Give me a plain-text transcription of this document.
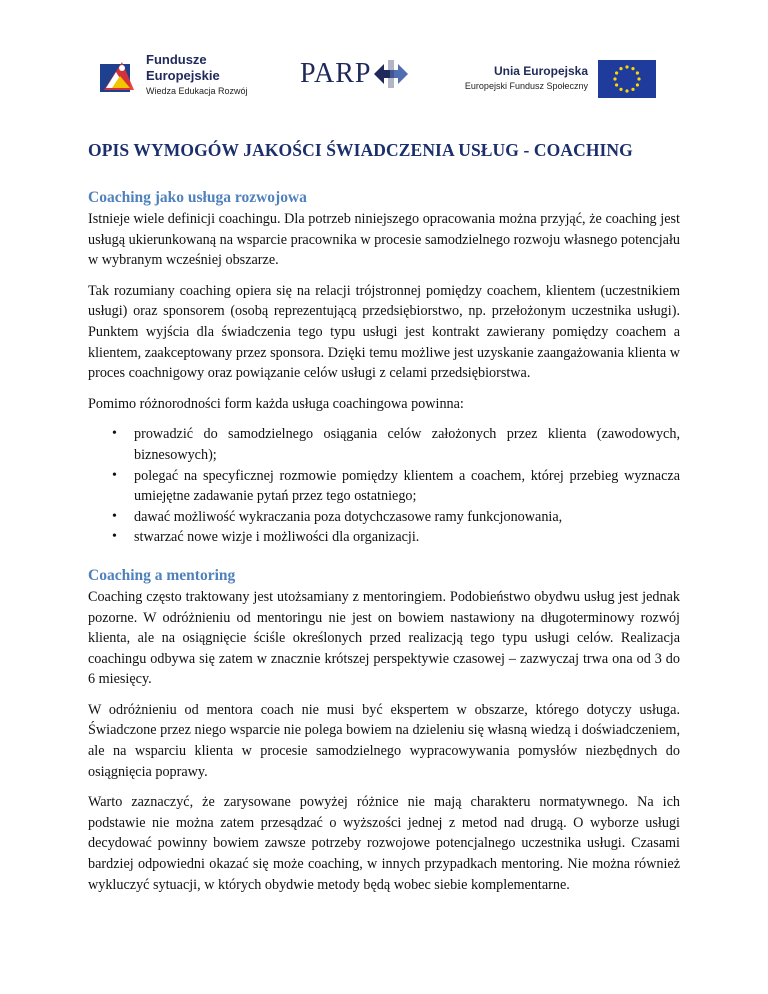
Fundusze
Europejskie
Wiedza Edukacja Rozwój
PARP	Unia Europejska
Europejski Fundusz Społeczny
OPIS WYMOGÓW JAKOŚCI ŚWIADCZENIA USŁUG - COACHING
Coaching jako usługa rozwojowa

Istnieje wiele definicji coachingu. Dla potrzeb niniejszego opracowania można przyjąć, że coaching jest usługą ukierunkowaną na wsparcie pracownika w procesie samodzielnego rozwoju własnego potencjału w wybranym wcześniej obszarze.

Tak rozumiany coaching opiera się na relacji trójstronnej pomiędzy coachem, klientem (uczestnikiem usługi) oraz sponsorem (osobą reprezentującą przedsiębiorstwo, np. przełożonym uczestnika usługi). Punktem wyjścia dla świadczenia tego typu usługi jest kontrakt zawierany pomiędzy coachem a klientem, zaakceptowany przez sponsora. Dzięki temu możliwe jest uzyskanie zaangażowania klienta w proces coachnigowy oraz powiązanie celów usługi z celami przedsiębiorstwa.

Pomimo różnorodności form każda usługa coachingowa powinna:

• prowadzić do samodzielnego osiągania celów założonych przez klienta (zawodowych, biznesowych);
• polegać na specyficznej rozmowie pomiędzy klientem a coachem, której przebieg wyznacza umiejętne zadawanie pytań przez tego ostatniego;
• dawać możliwość wykraczania poza dotychczasowe ramy funkcjonowania,
• stwarzać nowe wizje i możliwości dla organizacji.
Coaching a mentoring

Coaching często traktowany jest utożsamiany z mentoringiem. Podobieństwo obydwu usług jest jednak pozorne. W odróżnieniu od mentoringu nie jest on bowiem nastawiony na długoterminowy rozwój klienta, ale na osiągnięcie ściśle określonych przed realizacją tego typu usługi celów. Realizacja coachingu odbywa się zatem w znacznie krótszej perspektywie czasowej – zazwyczaj trwa ona od 3 do 6 miesięcy.

W odróżnieniu od mentora coach nie musi być ekspertem w obszarze, którego dotyczy usługa. Świadczone przez niego wsparcie nie polega bowiem na dzieleniu się własną wiedzą i doświadczeniem, ale na wsparciu klienta w procesie samodzielnego wypracowywania pomysłów niezbędnych do osiągnięcia poprawy.

Warto zaznaczyć, że zarysowane powyżej różnice nie mają charakteru normatywnego. Na ich podstawie nie można zatem przesądzać o wyższości jednej z metod nad drugą. O wyborze usługi decydować powinny bowiem zawsze potrzeby rozwojowe potencjalnego uczestnika usługi. Czasami bardziej odpowiedni okazać się może coaching, w innych przypadkach mentoring. Nie można również wykluczyć sytuacji, w których obydwie metody będą wobec siebie komplementarne.
